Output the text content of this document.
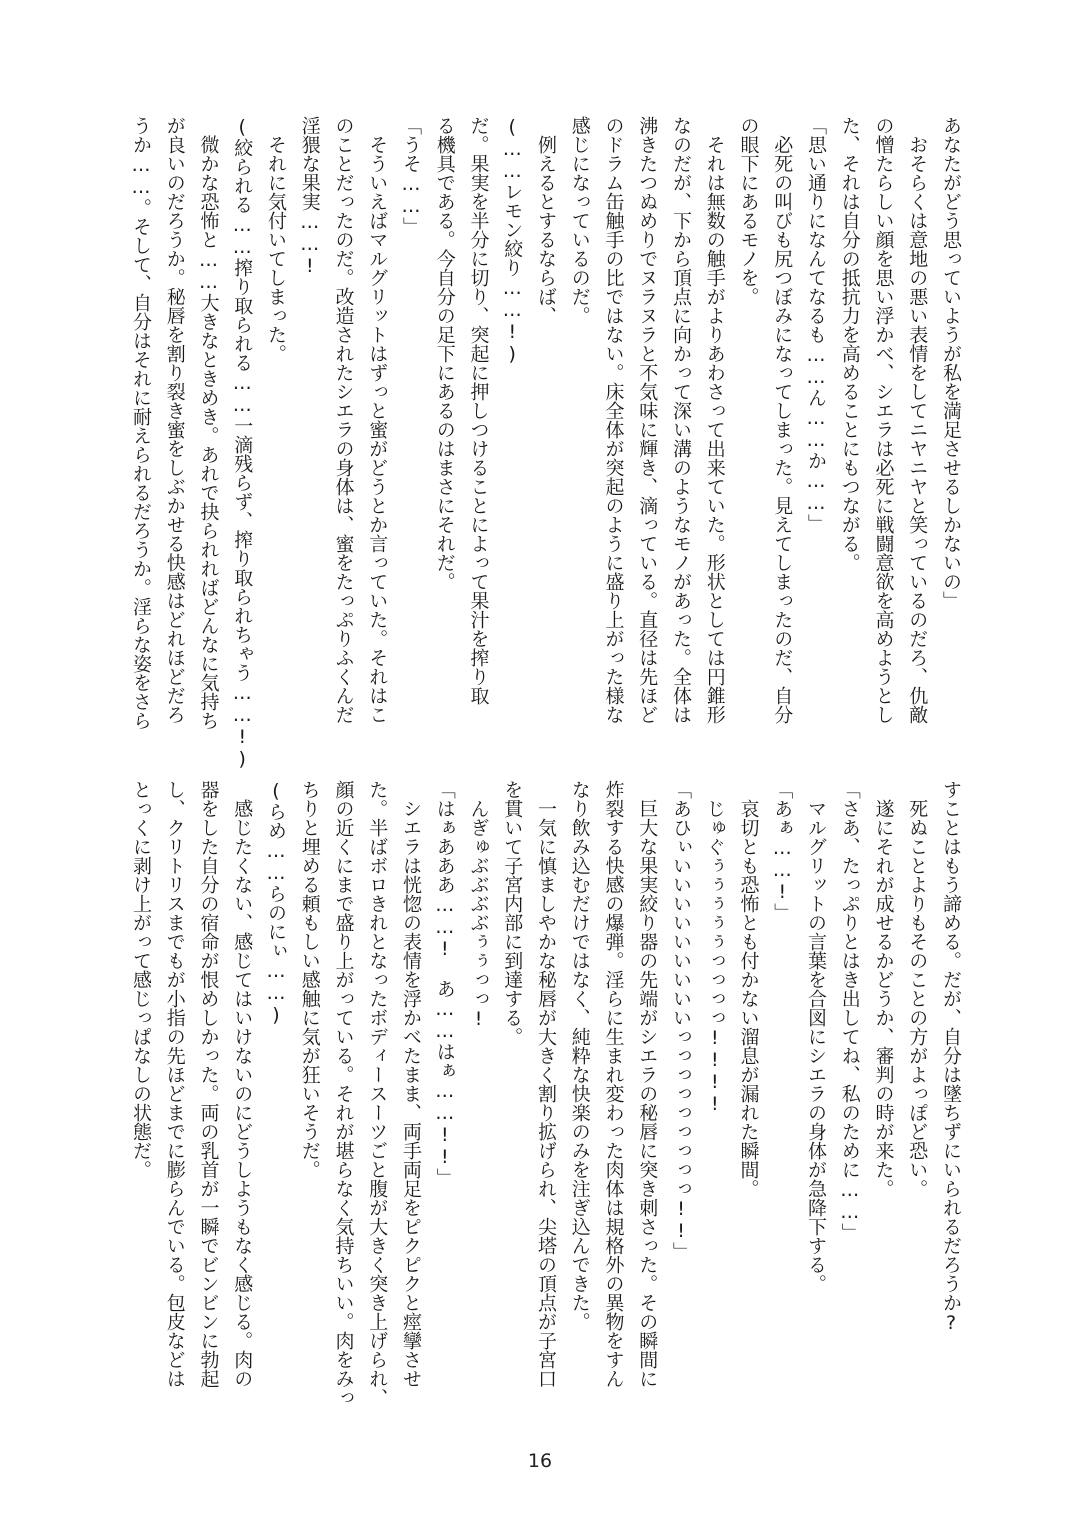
あなたがどう思っていようが私を満足させるしかないの」
　おそらくは意地の悪い表情をしてニヤニヤと笑っているのだろ、仇敵
の憎たらしい顔を思い浮かべ、シエラは必死に戦闘意欲を高めようとし
た、それは自分の抵抗力を高めることにもつながる。
「思い通りになんてなるも……ん……か……」
　必死の叫びも尻つぼみになってしまった。見えてしまったのだ、自分
の眼下にあるモノを。
　それは無数の触手がよりあわさって出来ていた。形状としては円錐形
なのだが、下から頂点に向かって深い溝のようなモノがあった。全体は
沸きたつぬめりでヌラヌラと不気味に輝き、滴っている。直径は先ほど
のドラム缶触手の比ではない。床全体が突起のように盛り上がった様な
感じになっているのだ。
　例えるとするならば、
(……レモン絞り……!)
だ。果実を半分に切り、突起に押しつけることによって果汁を搾り取
る機具である。今自分の足下にあるのはまさにそれだ。
「うそ……」
　そういえばマルグリットはずっと蜜がどうとか言っていた。それはこ
のことだったのだ。改造されたシエラの身体は、蜜をたっぷりふくんだ
淫猥な果実……!
　それに気付いてしまった。
(絞られる……搾り取られる……一滴残らず、搾り取られちゃう……!)
　微かな恐怖と……大きなときめき。あれで抉られればどんなに気持ち
が良いのだろうか。秘唇を割り裂き蜜をしぶかせる快感はどれほどだろ
うか……。そして、自分はそれに耐えられるだろうか。淫らな姿をさら
すことはもう諦める。だが、自分は墜ちずにいられるだろうか?
　死ぬことよりもそのことの方がよっぽど恐い。
　遂にそれが成せるかどうか、審判の時が来た。
「さあ、たっぷりとはき出してね、私のために……」
　マルグリットの言葉を合図にシエラの身体が急降下する。
「あぁ……!」
　哀切とも恐怖とも付かない溜息が漏れた瞬間。
　じゅぐぅぅぅぅぅっっっっ!!!!
「あひぃいいいいいいいいいっっっっっっっっっ!!」
　巨大な果実絞り器の先端がシエラの秘唇に突き刺さった。その瞬間に
炸裂する快感の爆弾。淫らに生まれ変わった肉体は規格外の異物をすん
なり飲み込むだけではなく、純粋な快楽のみを注ぎ込んできた。
　一気に慎ましやかな秘唇が大きく割り拡げられ、尖塔の頂点が子宮口
を貫いて子宮内部に到達する。
　んぎゅぶぶぶぶぅぅっっ!
「はぁあああ……!　あ……はぁ……!!」
　シエラは恍惚の表情を浮かべたまま、両手両足をピクピクと痙攣させ
た。半ばボロきれとなったボディースーツごと腹が大きく突き上げられ、
顔の近くにまで盛り上がっている。それが堪らなく気持ちいい。肉をみっ
ちりと埋める頼もしい感触に気が狂いそうだ。
(らめ……らのにぃ……)
　感じたくない、感じてはいけないのにどうしようもなく感じる。肉の
器をした自分の宿命が恨めしかった。両の乳首が一瞬でビンビンに勃起
し、クリトリスまでもが小指の先ほどまでに膨らんでいる。包皮などは
とっくに剥け上がって感じっぱなしの状態だ。
16
